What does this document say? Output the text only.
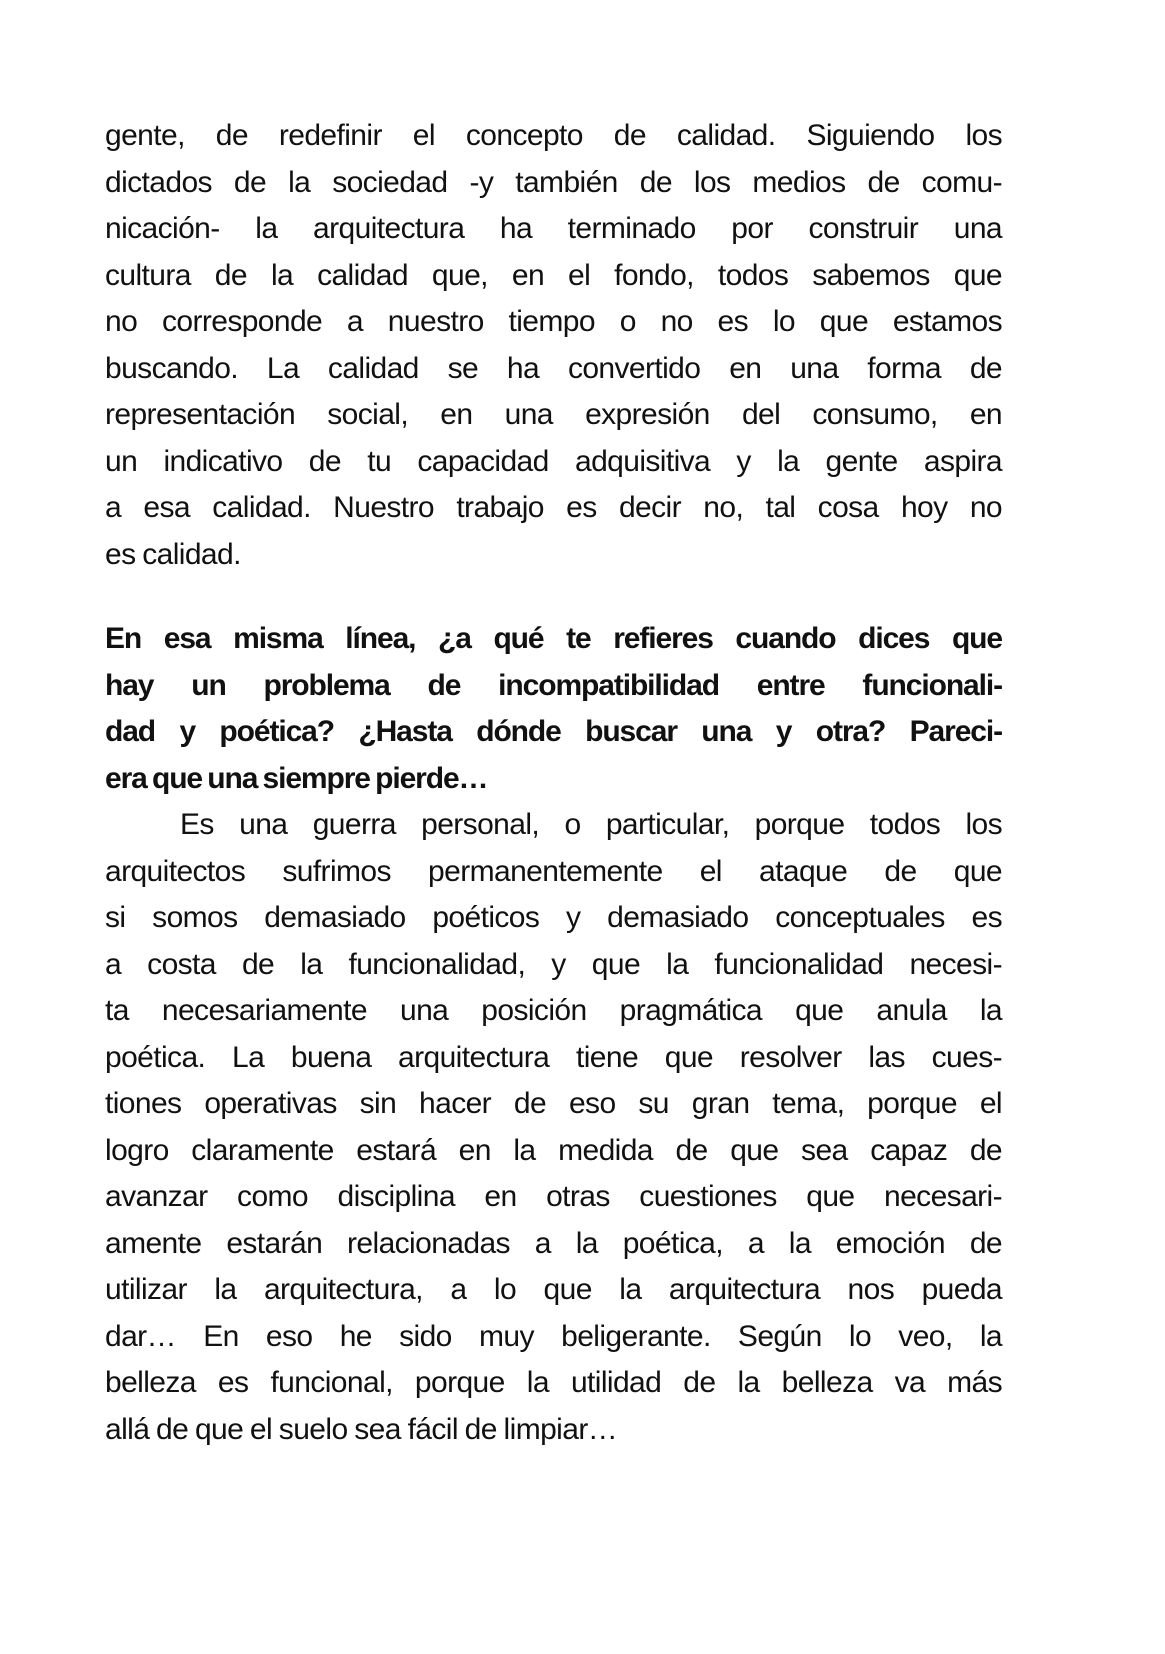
gente, de redefinir el concepto de calidad. Siguiendo los
dictados de la sociedad -y también de los medios de comu-
nicación- la arquitectura ha terminado por construir una
cultura de la calidad que, en el fondo, todos sabemos que
no corresponde a nuestro tiempo o no es lo que estamos
buscando. La calidad se ha convertido en una forma de
representación social, en una expresión del consumo, en
un indicativo de tu capacidad adquisitiva y la gente aspira
a esa calidad. Nuestro trabajo es decir no, tal cosa hoy no
es calidad.
En esa misma línea, ¿a qué te refieres cuando dices que
hay un problema de incompatibilidad entre funcionali-
dad y poética? ¿Hasta dónde buscar una y otra? Pareci-
era que una siempre pierde…
Es una guerra personal, o particular, porque todos los
arquitectos sufrimos permanentemente el ataque de que
si somos demasiado poéticos y demasiado conceptuales es
a costa de la funcionalidad, y que la funcionalidad necesi-
ta necesariamente una posición pragmática que anula la
poética. La buena arquitectura tiene que resolver las cues-
tiones operativas sin hacer de eso su gran tema, porque el
logro claramente estará en la medida de que sea capaz de
avanzar como disciplina en otras cuestiones que necesari-
amente estarán relacionadas a la poética, a la emoción de
utilizar la arquitectura, a lo que la arquitectura nos pueda
dar… En eso he sido muy beligerante. Según lo veo, la
belleza es funcional, porque la utilidad de la belleza va más
allá de que el suelo sea fácil de limpiar…
